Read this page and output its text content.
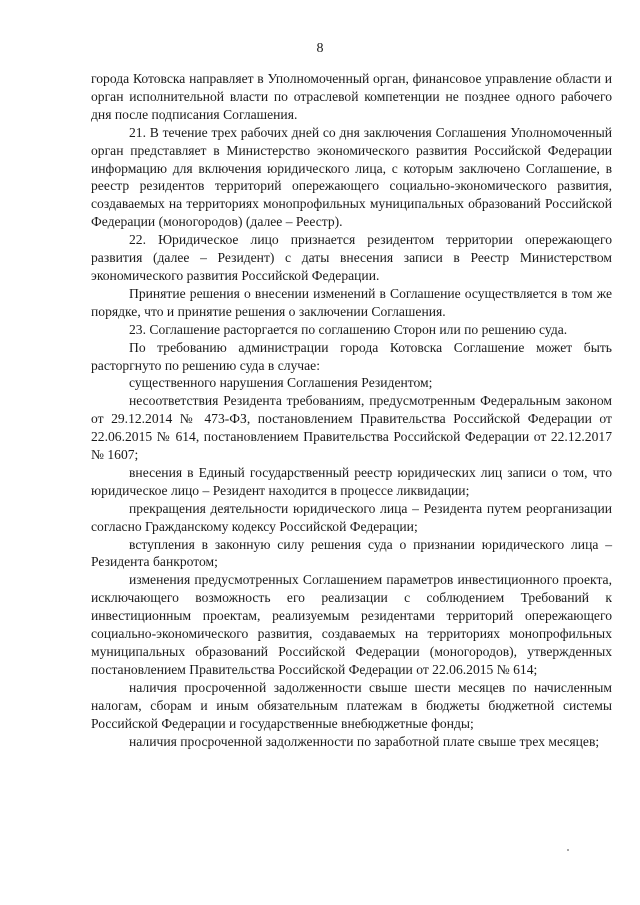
8

города Котовска направляет в Уполномоченный орган, финансовое управление области и орган исполнительной власти по отраслевой компетенции не позднее одного рабочего дня после подписания Соглашения.

21. В течение трех рабочих дней со дня заключения Соглашения Уполномоченный орган представляет в Министерство экономического развития Российской Федерации информацию для включения юридического лица, с которым заключено Соглашение, в реестр резидентов территорий опережающего социально-экономического развития, создаваемых на территориях монопрофильных муниципальных образований Российской Федерации (моногородов) (далее – Реестр).

22. Юридическое лицо признается резидентом территории опережающего развития (далее – Резидент) с даты внесения записи в Реестр Министерством экономического развития Российской Федерации.

Принятие решения о внесении изменений в Соглашение осуществляется в том же порядке, что и принятие решения о заключении Соглашения.

23. Соглашение расторгается по соглашению Сторон или по решению суда.

По требованию администрации города Котовска Соглашение может быть расторгнуто по решению суда в случае:

существенного нарушения Соглашения Резидентом;

несоответствия Резидента требованиям, предусмотренным Федеральным законом от 29.12.2014 № 473-ФЗ, постановлением Правительства Российской Федерации от 22.06.2015 № 614, постановлением Правительства Российской Федерации от 22.12.2017 № 1607;

внесения в Единый государственный реестр юридических лиц записи о том, что юридическое лицо – Резидент находится в процессе ликвидации;

прекращения деятельности юридического лица – Резидента путем реорганизации согласно Гражданскому кодексу Российской Федерации;

вступления в законную силу решения суда о признании юридического лица – Резидента банкротом;

изменения предусмотренных Соглашением параметров инвестиционного проекта, исключающего возможность его реализации с соблюдением Требований к инвестиционным проектам, реализуемым резидентами территорий опережающего социально-экономического развития, создаваемых на территориях монопрофильных муниципальных образований Российской Федерации (моногородов), утвержденных постановлением Правительства Российской Федерации от 22.06.2015 № 614;

наличия просроченной задолженности свыше шести месяцев по начисленным налогам, сборам и иным обязательным платежам в бюджеты бюджетной системы Российской Федерации и государственные внебюджетные фонды;

наличия просроченной задолженности по заработной плате свыше трех месяцев;
